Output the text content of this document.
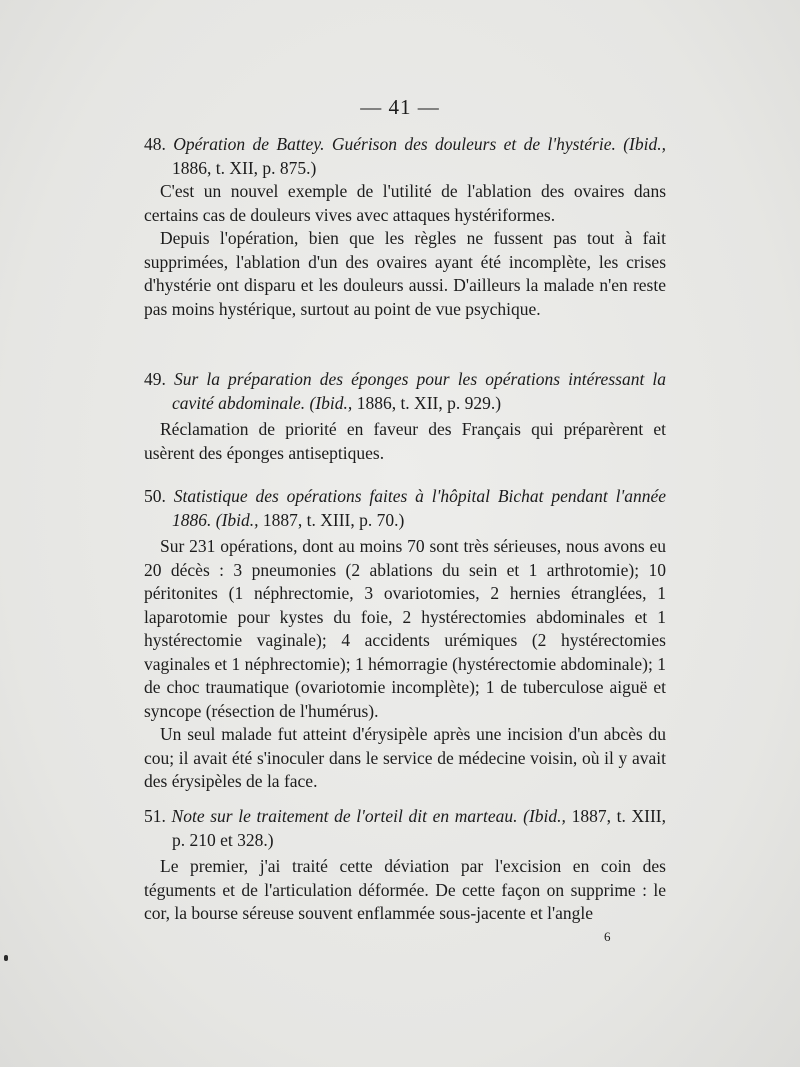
— 41 —

48. Opération de Battey. Guérison des douleurs et de l'hystérie. (Ibid., 1886, t. XII, p. 875.)

C'est un nouvel exemple de l'utilité de l'ablation des ovaires dans certains cas de douleurs vives avec attaques hystériformes.

Depuis l'opération, bien que les règles ne fussent pas tout à fait supprimées, l'ablation d'un des ovaires ayant été incomplète, les crises d'hystérie ont disparu et les douleurs aussi. D'ailleurs la malade n'en reste pas moins hystérique, surtout au point de vue psychique.

49. Sur la préparation des éponges pour les opérations intéressant la cavité abdominale. (Ibid., 1886, t. XII, p. 929.)

Réclamation de priorité en faveur des Français qui préparèrent et usèrent des éponges antiseptiques.

50. Statistique des opérations faites à l'hôpital Bichat pendant l'année 1886. (Ibid., 1887, t. XIII, p. 70.)

Sur 231 opérations, dont au moins 70 sont très sérieuses, nous avons eu 20 décès : 3 pneumonies (2 ablations du sein et 1 arthrotomie); 10 péritonites (1 néphrectomie, 3 ovariotomies, 2 hernies étranglées, 1 laparotomie pour kystes du foie, 2 hystérectomies abdominales et 1 hystérectomie vaginale); 4 accidents urémiques (2 hystérectomies vaginales et 1 néphrectomie); 1 hémorragie (hystérectomie abdominale); 1 de choc traumatique (ovariotomie incomplète); 1 de tuberculose aiguë et syncope (résection de l'humérus).

Un seul malade fut atteint d'érysipèle après une incision d'un abcès du cou; il avait été s'inoculer dans le service de médecine voisin, où il y avait des érysipèles de la face.

51. Note sur le traitement de l'orteil dit en marteau. (Ibid., 1887, t. XIII, p. 210 et 328.)

Le premier, j'ai traité cette déviation par l'excision en coin des téguments et de l'articulation déformée. De cette façon on supprime : le cor, la bourse séreuse souvent enflammée sous-jacente et l'angle

6
